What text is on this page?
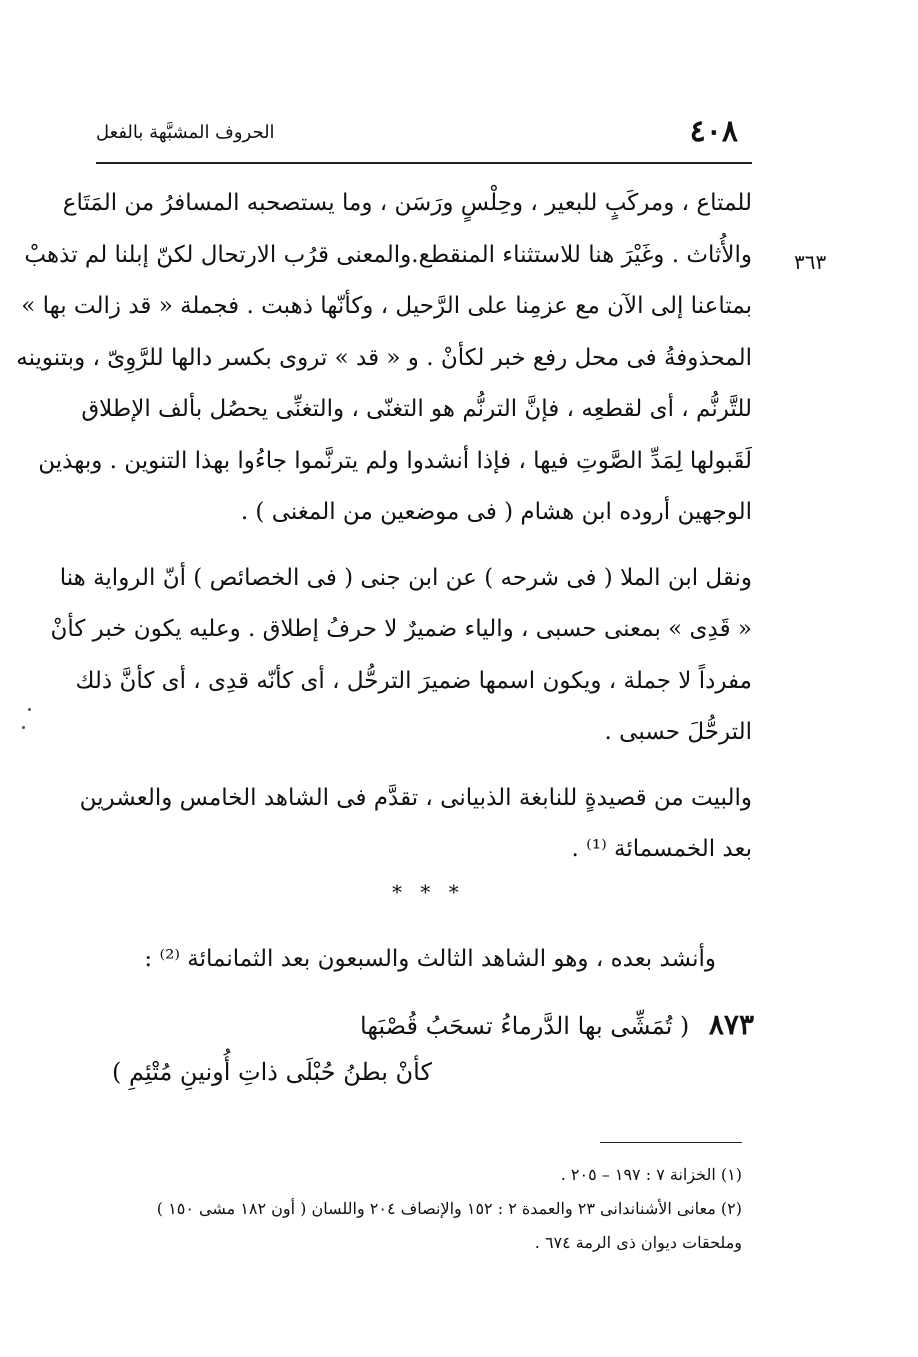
٤٠٨
الحروف المشبَّهة بالفعل
٣٦٣
للمتاع ، ومركَبٍ للبعير ، وحِلْسٍ ورَسَن ، وما يستصحبه المسافرُ من المَتَاع
والأُثاث . وغَيْرَ هنا للاستثناء المنقطع.والمعنى قرُب الارتحال لكنّ إبلنا لم تذهبْ
بمتاعنا إلى الآن مع عزمِنا على الرَّحيل ، وكأنّها ذهبت . فجملة « قد زالت بها »
المحذوفةُ فى محل رفع خبر لكأنْ . و « قد » تروى بكسر دالها للرَّوِىّ ، وبتنوينه
للتَّرنُّم ، أى لقطعِه ، فإنَّ الترنُّم هو التغنّى ، والتغنِّى يحصُل بألف الإطلاق
لَقَبولها لِمَدِّ الصَّوتِ فيها ، فإذا أنشدوا ولم يترنَّموا جاءُوا بهذا التنوين . وبهذين
الوجهين أروده ابن هشام ( فى موضعين من المغنى ) .
ونقل ابن الملا ( فى شرحه ) عن ابن جنى ( فى الخصائص ) أنّ الرواية هنا
« قَدِى » بمعنى حسبى ، والياء ضميرٌ لا حرفُ إطلاق . وعليه يكون خبر كأنْ
مفرداً لا جملة ، ويكون اسمها ضميرَ الترحُّل ، أى كأنّه قدِى ، أى كأنَّ ذلك
الترحُّلَ حسبى .
والبيت من قصيدةٍ للنابغة الذبيانى ، تقدَّم فى الشاهد الخامس والعشرين
بعد الخمسمائة ⁽¹⁾ .
* * *
وأنشد بعده ، وهو الشاهد الثالث والسبعون بعد الثمانمائة ⁽²⁾ :
٨٧٣ ( تُمَشِّى بها الدَّرماءُ تسحَبُ قُصْبَها
كأنْ بطنُ حُبْلَى ذاتِ أُونينِ مُتْئِمِ )
(١) الخزانة ٧ : ١٩٧ – ٢٠٥ .
(٢) معانى الأشناندانى ٢٣ والعمدة ٢ : ١٥٢ والإنصاف ٢٠٤ واللسان ( أون ١٨٢ مشى ١٥٠ )
وملحقات ديوان ذى الرمة ٦٧٤ .
